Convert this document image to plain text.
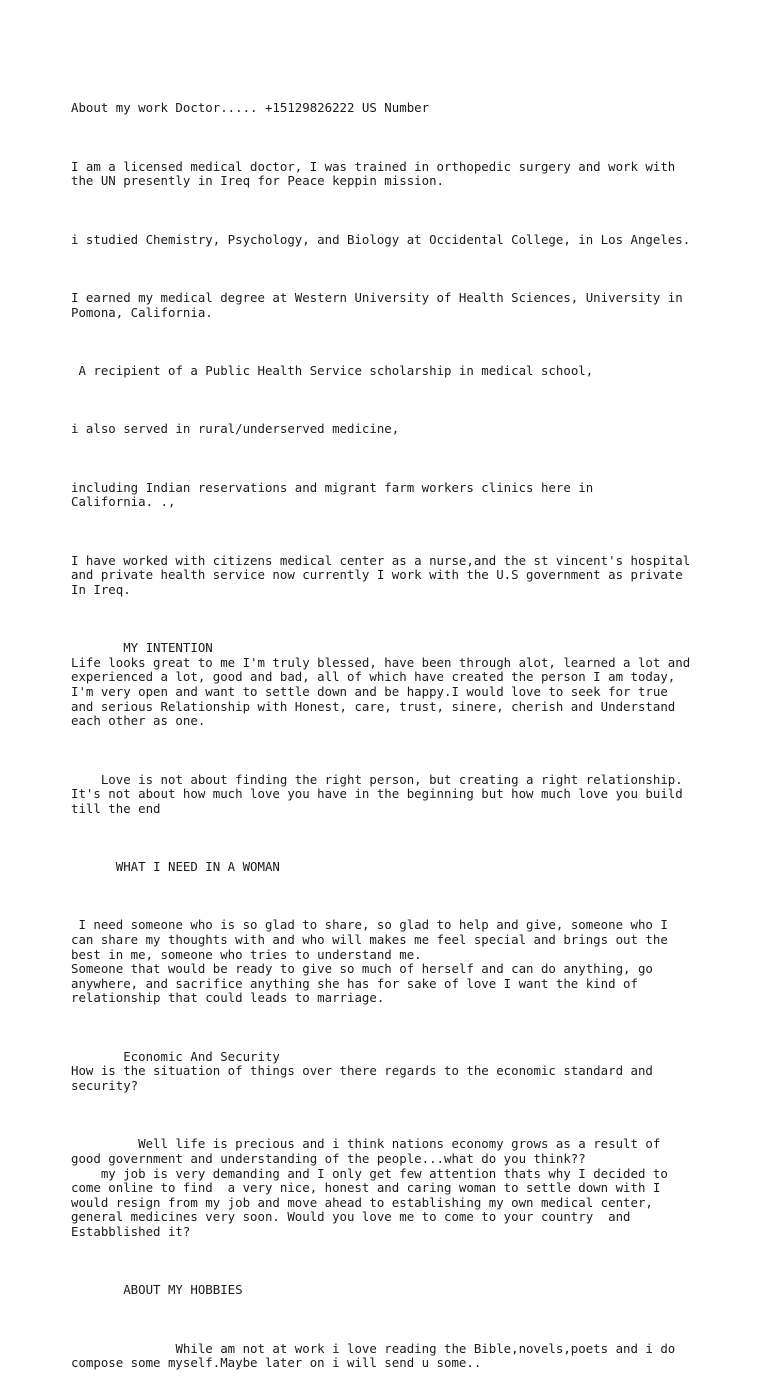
About my work Doctor..... +15129826222 US Number

I am a licensed medical doctor, I was trained in orthopedic surgery and work with
the UN presently in Ireq for Peace keppin mission.

i studied Chemistry, Psychology, and Biology at Occidental College, in Los Angeles.

I earned my medical degree at Western University of Health Sciences, University in
Pomona, California.

A recipient of a Public Health Service scholarship in medical school,

i also served in rural/underserved medicine,

including Indian reservations and migrant farm workers clinics here in
California. .,

I have worked with citizens medical center as a nurse,and the st vincent's hospital
and private health service now currently I work with the U.S government as private
In Ireq.

MY INTENTION
Life looks great to me I'm truly blessed, have been through alot, learned a lot and
experienced a lot, good and bad, all of which have created the person I am today,
I'm very open and want to settle down and be happy.I would love to seek for true
and serious Relationship with Honest, care, trust, sinere, cherish and Understand
each other as one.

Love is not about finding the right person, but creating a right relationship.
It's not about how much love you have in the beginning but how much love you build
till the end

WHAT I NEED IN A WOMAN

I need someone who is so glad to share, so glad to help and give, someone who I
can share my thoughts with and who will makes me feel special and brings out the
best in me, someone who tries to understand me.
Someone that would be ready to give so much of herself and can do anything, go
anywhere, and sacrifice anything she has for sake of love I want the kind of
relationship that could leads to marriage.

Economic And Security
How is the situation of things over there regards to the economic standard and
security?

Well life is precious and i think nations economy grows as a result of
good government and understanding of the people...what do you think??
my job is very demanding and I only get few attention thats why I decided to
come online to find  a very nice, honest and caring woman to settle down with I
would resign from my job and move ahead to establishing my own medical center,
general medicines very soon. Would you love me to come to your country  and
Estabblished it?

ABOUT MY HOBBIES

While am not at work i love reading the Bible,novels,poets and i do
compose some myself.Maybe later on i will send u some..
